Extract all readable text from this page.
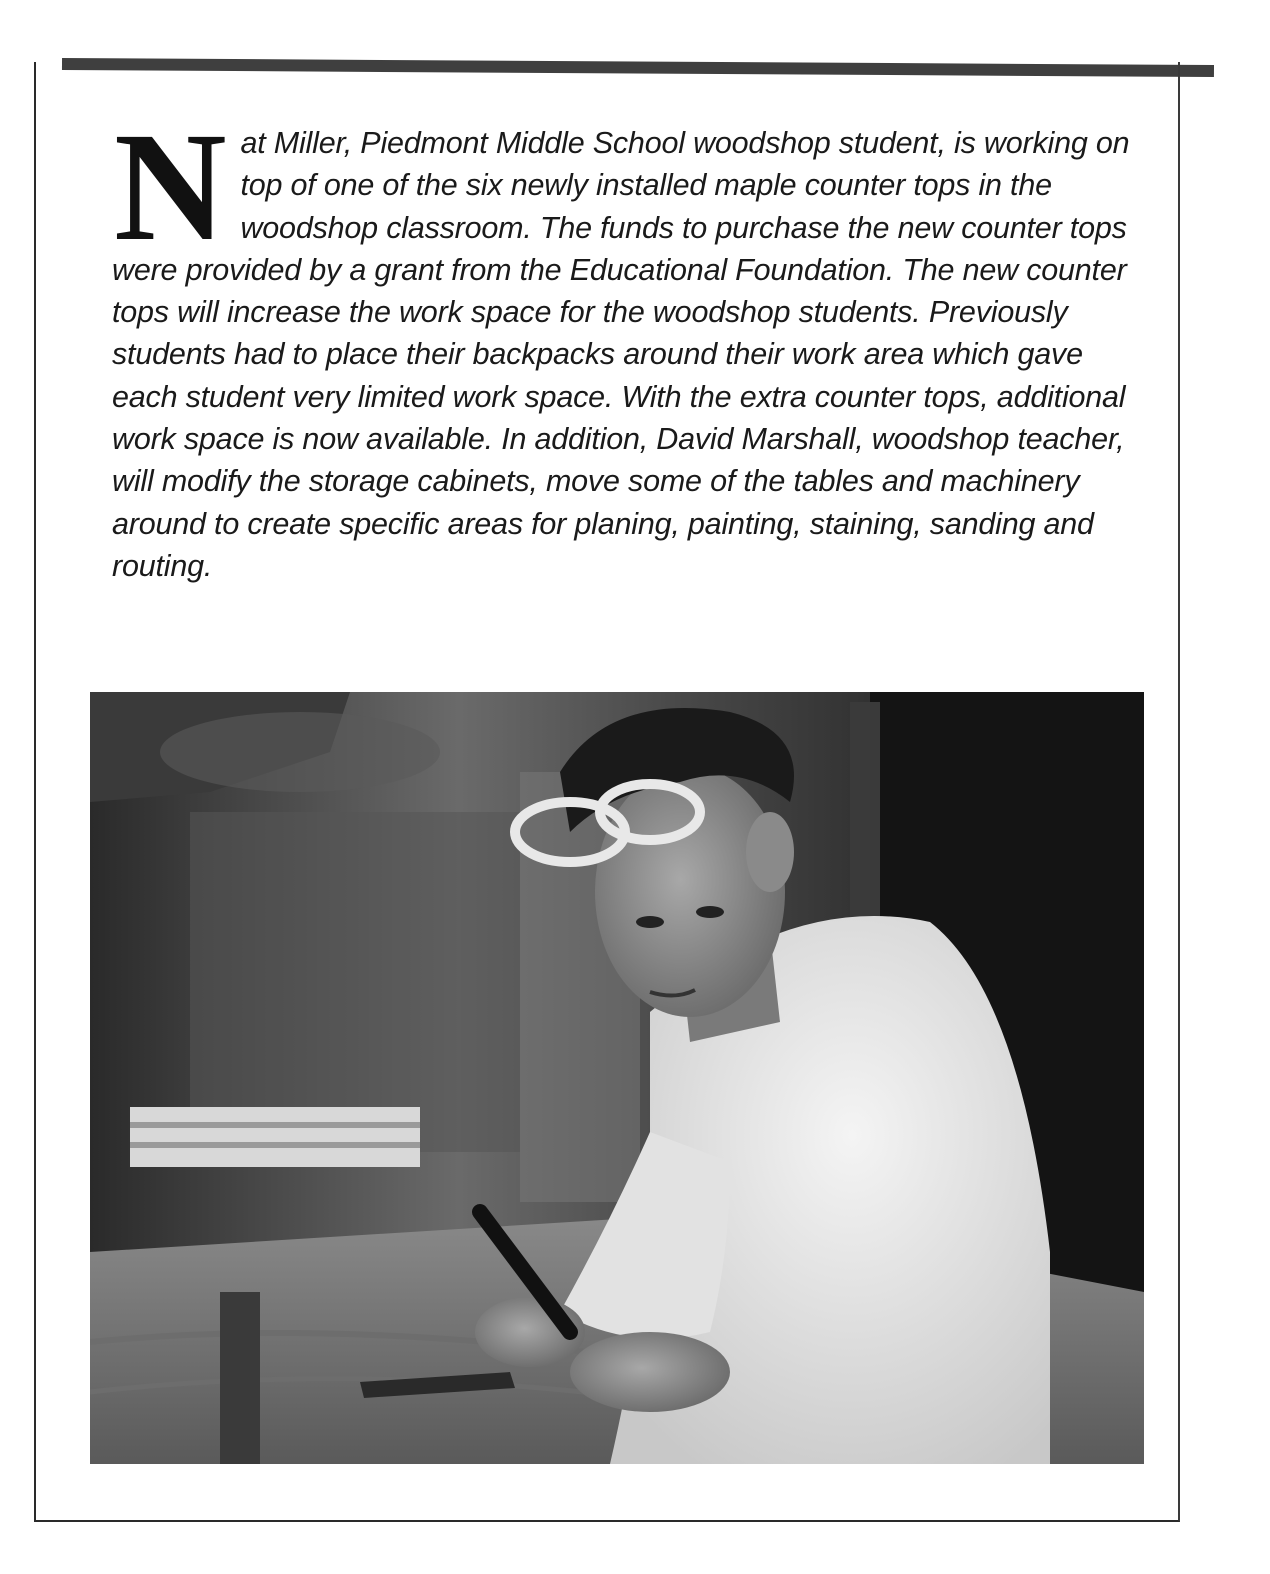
Nat Miller, Piedmont Middle School woodshop student, is working on top of one of the six newly installed maple counter tops in the woodshop classroom. The funds to purchase the new counter tops were provided by a grant from the Educational Foundation. The new counter tops will increase the work space for the woodshop students. Previously students had to place their backpacks around their work area which gave each student very limited work space. With the extra counter tops, additional work space is now available. In addition, David Marshall, woodshop teacher, will modify the storage cabinets, move some of the tables and machinery around to create specific areas for planing, painting, staining, sanding and routing.
